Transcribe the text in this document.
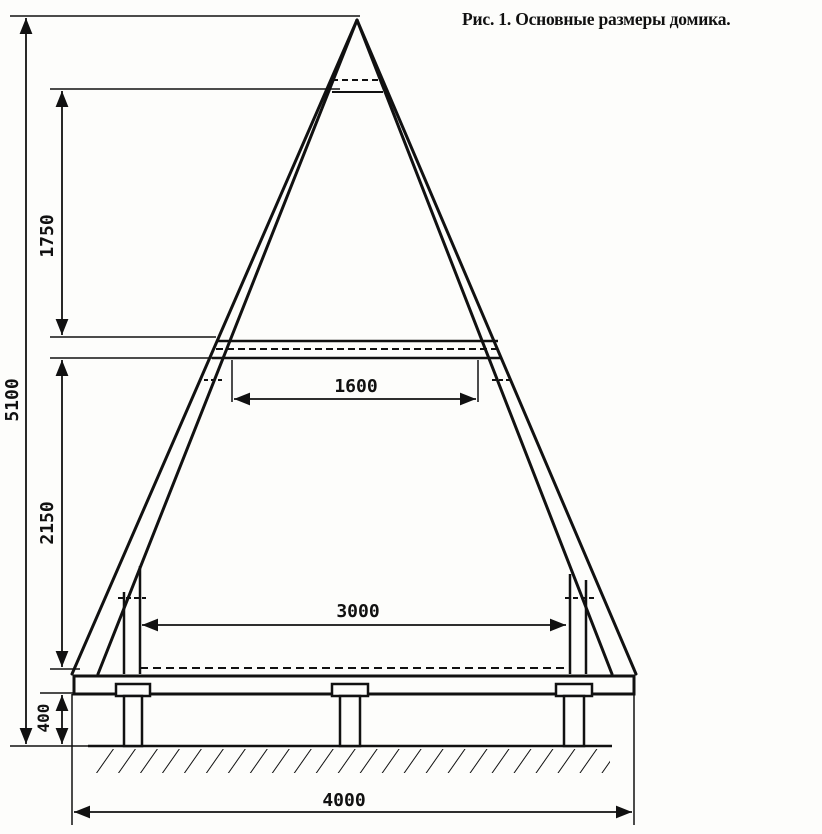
5100
1750
2150
400
1600
3000
4000
Рис. 1. Основные размеры домика.
